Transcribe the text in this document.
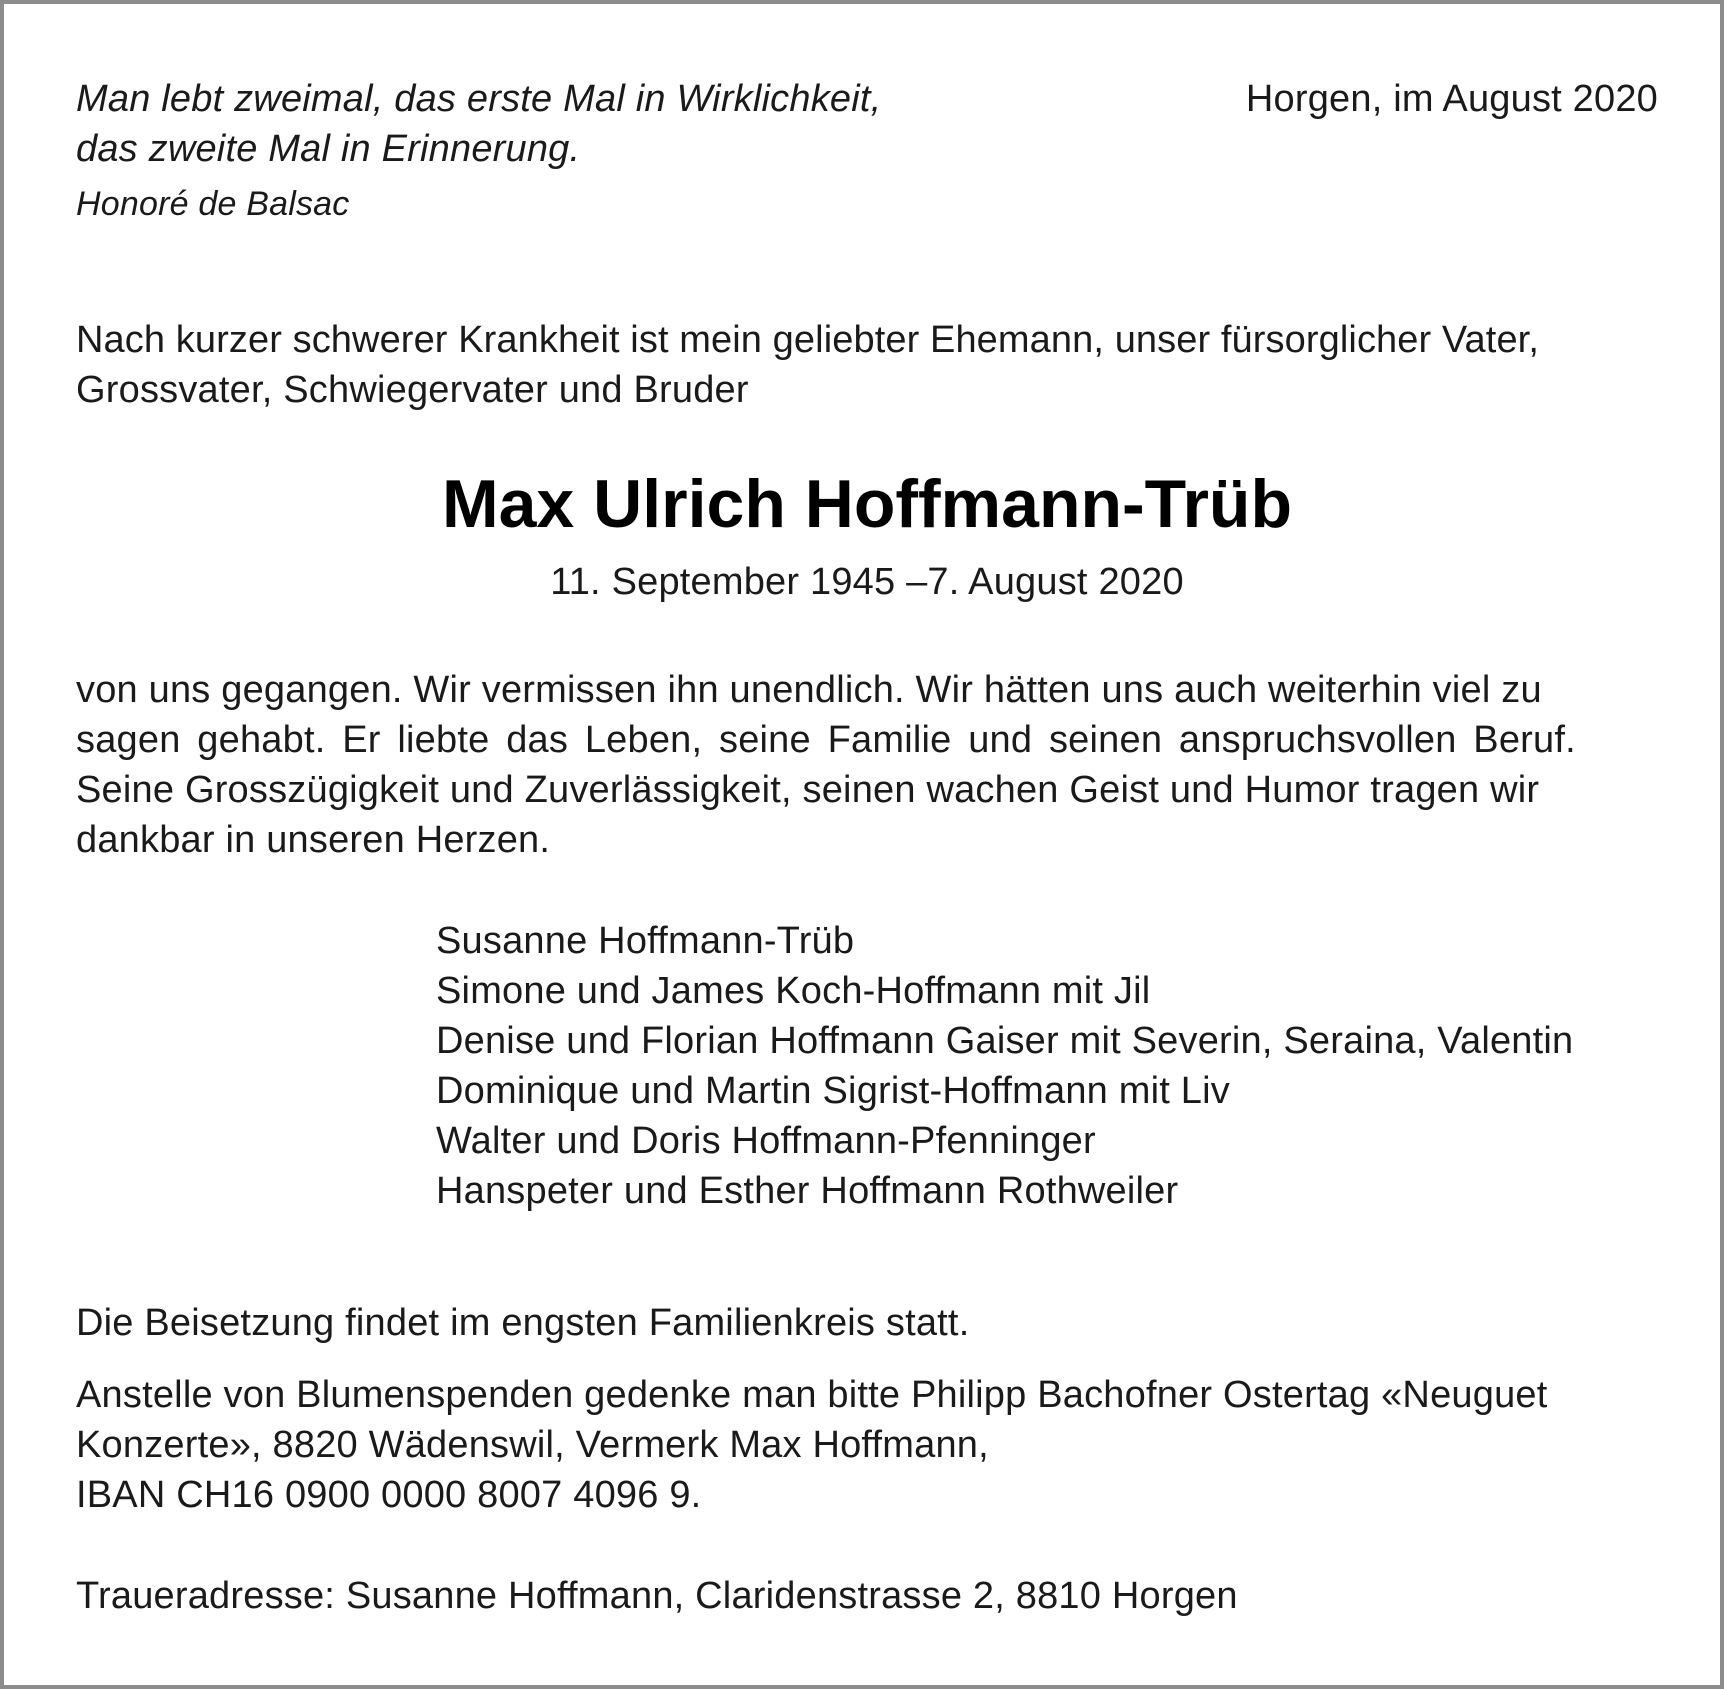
Man lebt zweimal, das erste Mal in Wirklichkeit,
das zweite Mal in Erinnerung.
Honoré de Balsac
Horgen, im August 2020
Nach kurzer schwerer Krankheit ist mein geliebter Ehemann, unser fürsorglicher Vater,
Grossvater, Schwiegervater und Bruder
Max Ulrich Hoffmann-Trüb
11. September 1945 –7. August 2020
von uns gegangen. Wir vermissen ihn unendlich. Wir hätten uns auch weiterhin viel zu
sagen gehabt. Er liebte das Leben, seine Familie und seinen anspruchsvollen Beruf.
Seine Grosszügigkeit und Zuverlässigkeit, seinen wachen Geist und Humor tragen wir
dankbar in unseren Herzen.
Susanne Hoffmann-Trüb
Simone und James Koch-Hoffmann mit Jil
Denise und Florian Hoffmann Gaiser mit Severin, Seraina, Valentin
Dominique und Martin Sigrist-Hoffmann mit Liv
Walter und Doris Hoffmann-Pfenninger
Hanspeter und Esther Hoffmann Rothweiler
Die Beisetzung findet im engsten Familienkreis statt.
Anstelle von Blumenspenden gedenke man bitte Philipp Bachofner Ostertag «Neuguet
Konzerte», 8820 Wädenswil, Vermerk Max Hoffmann,
IBAN CH16 0900 0000 8007 4096 9.
Traueradresse: Susanne Hoffmann, Claridenstrasse 2, 8810 Horgen
